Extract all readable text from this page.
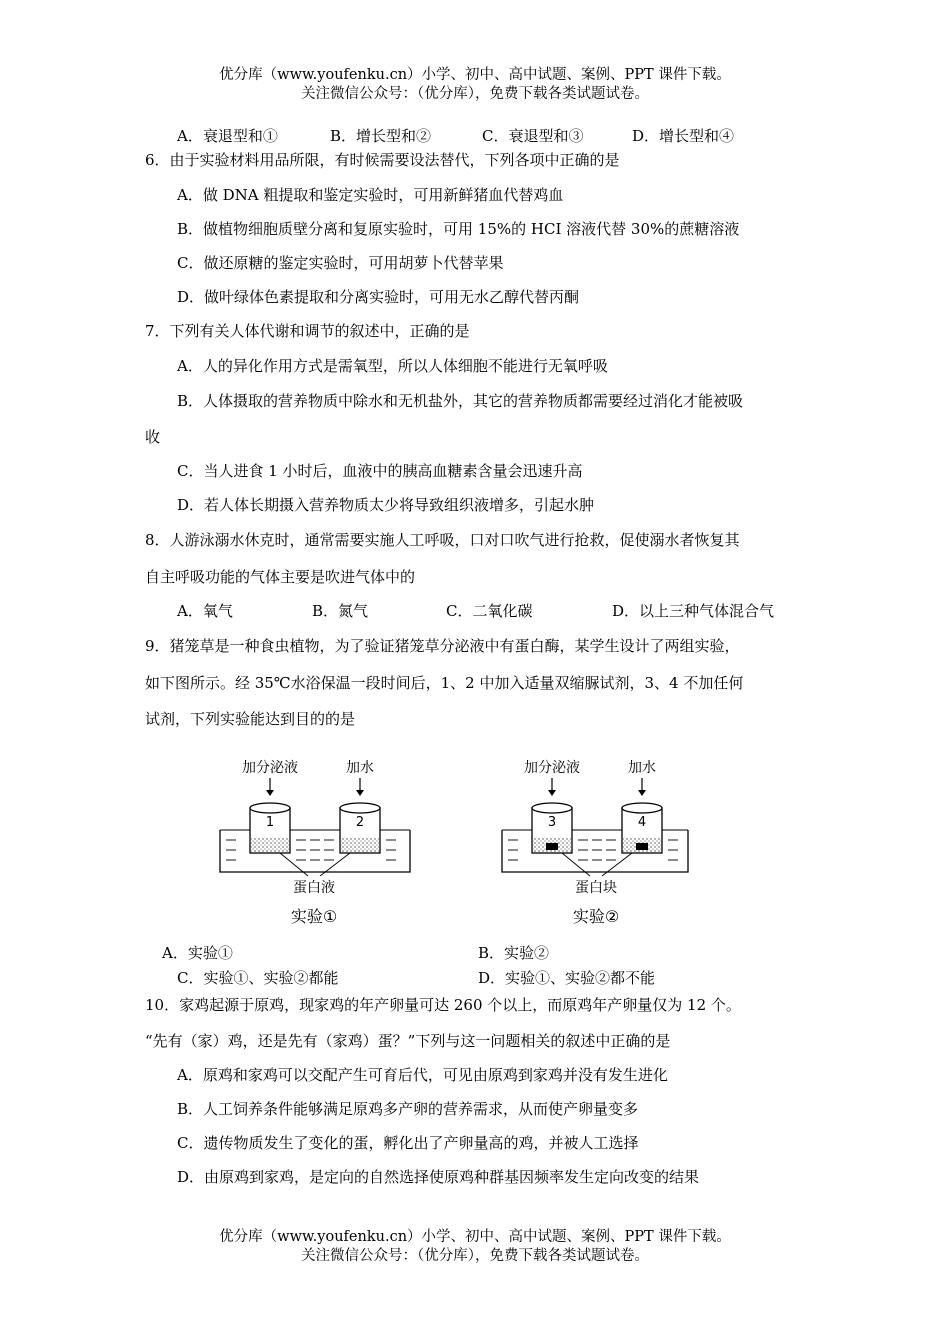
优分库（www.youfenku.cn）小学、初中、高中试题、案例、PPT 课件下载。
关注微信公众号：（优分库），免费下载各类试题试卷。
A．衰退型和①	B．增长型和②	C．衰退型和③	D．增长型和④
6．由于实验材料用品所限，有时候需要设法替代，下列各项中正确的是
A．做 DNA 粗提取和鉴定实验时，可用新鲜猪血代替鸡血
B．做植物细胞质壁分离和复原实验时，可用 15%的 HCI 溶液代替 30%的蔗糖溶液
C．做还原糖的鉴定实验时，可用胡萝卜代替苹果
D．做叶绿体色素提取和分离实验时，可用无水乙醇代替丙酮
7．下列有关人体代谢和调节的叙述中，正确的是
A．人的异化作用方式是需氧型，所以人体细胞不能进行无氧呼吸
B．人体摄取的营养物质中除水和无机盐外，其它的营养物质都需要经过消化才能被吸
收
C．当人进食 1 小时后，血液中的胰高血糖素含量会迅速升高
D．若人体长期摄入营养物质太少将导致组织液增多，引起水肿
8．人游泳溺水休克时，通常需要实施人工呼吸，口对口吹气进行抢救，促使溺水者恢复其
自主呼吸功能的气体主要是吹进气体中的
A．氧气	B．氮气	C．二氧化碳	D．以上三种气体混合气
9．猪笼草是一种食虫植物，为了验证猪笼草分泌液中有蛋白酶，某学生设计了两组实验，
如下图所示。经 35℃水浴保温一段时间后，1、2 中加入适量双缩脲试剂，3、4 不加任何
试剂，下列实验能达到目的的是
加分泌液	加水
1	2
蛋白液
实验①
加分泌液	加水
3	4
蛋白块
实验②
A．实验①	B．实验②
C．实验①、实验②都能	D．实验①、实验②都不能
10．家鸡起源于原鸡，现家鸡的年产卵量可达 260 个以上，而原鸡年产卵量仅为 12 个。
“先有（家）鸡，还是先有（家鸡）蛋？”下列与这一问题相关的叙述中正确的是
A．原鸡和家鸡可以交配产生可育后代，可见由原鸡到家鸡并没有发生进化
B．人工饲养条件能够满足原鸡多产卵的营养需求，从而使产卵量变多
C．遗传物质发生了变化的蛋，孵化出了产卵量高的鸡，并被人工选择
D．由原鸡到家鸡，是定向的自然选择使原鸡种群基因频率发生定向改变的结果
优分库（www.youfenku.cn）小学、初中、高中试题、案例、PPT 课件下载。
关注微信公众号：（优分库），免费下载各类试题试卷。
